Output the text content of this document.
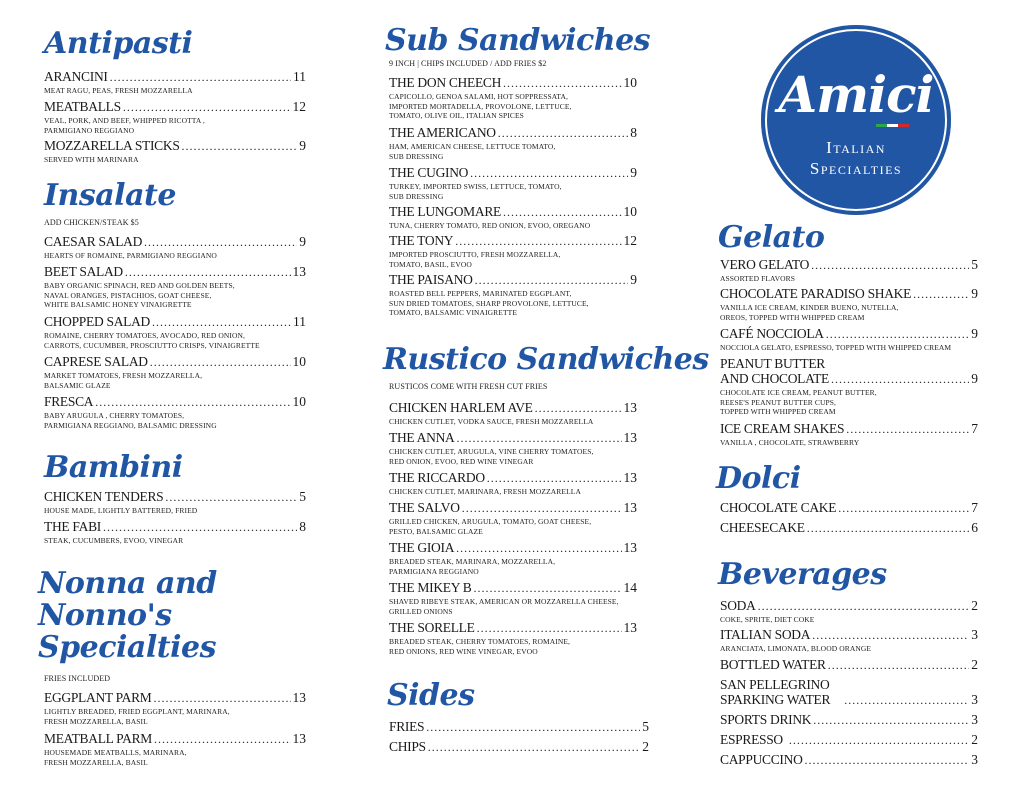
Antipasti
ARANCINI .....	11

MEAT RAGU, PEAS, FRESH MOZZARELLA

MEATBALLS .....	12

VEAL, PORK, AND BEEF, WHIPPED RICOTTA ,

PARMIGIANO REGGIANO

MOZZARELLA STICKS .....	9

SERVED WITH MARINARA

Insalate

ADD CHICKEN/STEAK $5

CAESAR SALAD .....	9

HEARTS OF ROMAINE, PARMIGIANO REGGIANO

BEET SALAD .....	13

BABY ORGANIC SPINACH, RED AND GOLDEN BEETS,

NAVAL ORANGES, PISTACHIOS, GOAT CHEESE,

WHITE BALSAMIC HONEY VINAIGRETTE

CHOPPED SALAD .....	11

ROMAINE, CHERRY TOMATOES, AVOCADO, RED ONION,

CARROTS, CUCUMBER, PROSCIUTTO CRISPS, VINAIGRETTE

CAPRESE SALAD .....	10

MARKET TOMATOES, FRESH MOZZARELLA,

BALSAMIC GLAZE

FRESCA .....	10

BABY ARUGULA , CHERRY TOMATOES,

PARMIGIANA REGGIANO, BALSAMIC DRESSING

Bambini
CHICKEN TENDERS .....	5

HOUSE MADE, LIGHTLY BATTERED, FRIED

THE FABI .....	8

STEAK, CUCUMBERS, EVOO, VINEGAR

Nonna and
Nonno's
Specialties

FRIES INCLUDED

EGGPLANT PARM .....	13

LIGHTLY BREADED, FRIED EGGPLANT, MARINARA,

FRESH MOZZARELLA, BASIL

MEATBALL PARM .....	13

HOUSEMADE MEATBALLS, MARINARA,

FRESH MOZZARELLA, BASIL

Sub Sandwiches

9 INCH | CHIPS INCLUDED / ADD FRIES $2

THE DON CHEECH .....	10

CAPICOLLO, GENOA SALAMI, HOT SOPPRESSATA,

IMPORTED MORTADELLA, PROVOLONE, LETTUCE,

TOMATO, OLIVE OIL, ITALIAN SPICES

THE AMERICANO .....	8

HAM, AMERICAN CHEESE, LETTUCE TOMATO,

SUB DRESSING

THE CUGINO .....	9

TURKEY, IMPORTED SWISS, LETTUCE, TOMATO,

SUB DRESSING

THE LUNGOMARE .....	10

TUNA, CHERRY TOMATO, RED ONION, EVOO, OREGANO

THE TONY .....	12

IMPORTED PROSCIUTTO, FRESH MOZZARELLA,

TOMATO, BASIL, EVOO

THE PAISANO .....	9

ROASTED BELL PEPPERS, MARINATED EGGPLANT,

SUN DRIED TOMATOES, SHARP PROVOLONE, LETTUCE,

TOMATO, BALSAMIC VINAIGRETTE

Rustico Sandwiches

RUSTICOS COME WITH FRESH CUT FRIES

CHICKEN HARLEM AVE .....	13

CHICKEN CUTLET, VODKA SAUCE, FRESH MOZZARELLA

THE ANNA .....	13

CHICKEN CUTLET, ARUGULA, VINE CHERRY TOMATOES,

RED ONION, EVOO, RED WINE VINEGAR

THE RICCARDO .....	13

CHICKEN CUTLET, MARINARA, FRESH MOZZARELLA

THE SALVO .....	13

GRILLED CHICKEN, ARUGULA, TOMATO, GOAT CHEESE,

PESTO, BALSAMIC GLAZE

THE GIOIA .....	13

BREADED STEAK, MARINARA, MOZZARELLA,

PARMIGIANA REGGIANO

THE MIKEY B .....	14

SHAVED RIBEYE STEAK, AMERICAN OR MOZZARELLA CHEESE,

GRILLED ONIONS

THE SORELLE .....	13

BREADED STEAK, CHERRY TOMATOES, ROMAINE,

RED ONIONS, RED WINE VINEGAR, EVOO

Sides
FRIES .....	5
CHIPS .....	2
Amici
Italian
Specialties
Gelato
VERO GELATO .....	5

ASSORTED FLAVORS

CHOCOLATE PARADISO SHAKE .....	9

VANILLA ICE CREAM, KINDER BUENO, NUTELLA,

OREOS, TOPPED WITH WHIPPED CREAM

CAFÉ NOCCIOLA .....	9

NOCCIOLA GELATO, ESPRESSO, TOPPED WITH WHIPPED CREAM

PEANUT BUTTER
AND CHOCOLATE .....	9

CHOCOLATE ICE CREAM, PEANUT BUTTER,

REESE'S PEANUT BUTTER CUPS,

TOPPED WITH WHIPPED CREAM

ICE CREAM SHAKES .....	7

VANILLA , CHOCOLATE, STRAWBERRY

Dolci
CHOCOLATE CAKE .....	7
CHEESECAKE .....	6
Beverages
SODA .....	2

COKE, SPRITE, DIET COKE

ITALIAN SODA .....	3

ARANCIATA, LIMONATA, BLOOD ORANGE

BOTTLED WATER .....	2
SAN PELLEGRINO
SPARKING WATER .....	3
SPORTS DRINK .....	3
ESPRESSO .....	2
CAPPUCCINO .....	3
